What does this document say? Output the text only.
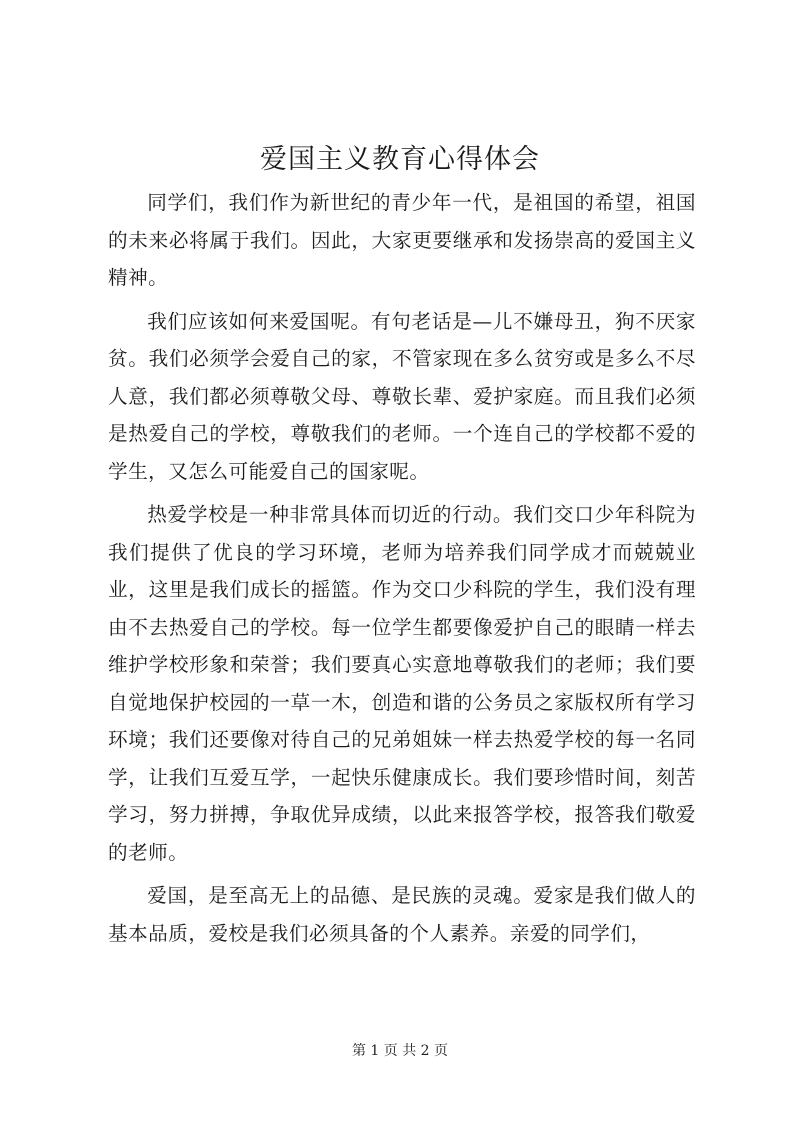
爱国主义教育心得体会

同学们，我们作为新世纪的青少年一代，是祖国的希望，祖国的未来必将属于我们。因此，大家更要继承和发扬崇高的爱国主义精神。

我们应该如何来爱国呢。有句老话是—儿不嫌母丑，狗不厌家贫。我们必须学会爱自己的家，不管家现在多么贫穷或是多么不尽人意，我们都必须尊敬父母、尊敬长辈、爱护家庭。而且我们必须是热爱自己的学校，尊敬我们的老师。一个连自己的学校都不爱的学生，又怎么可能爱自己的国家呢。

热爱学校是一种非常具体而切近的行动。我们交口少年科院为我们提供了优良的学习环境，老师为培养我们同学成才而兢兢业业，这里是我们成长的摇篮。作为交口少科院的学生，我们没有理由不去热爱自己的学校。每一位学生都要像爱护自己的眼睛一样去维护学校形象和荣誉；我们要真心实意地尊敬我们的老师；我们要自觉地保护校园的一草一木，创造和谐的公务员之家版权所有学习环境；我们还要像对待自己的兄弟姐妹一样去热爱学校的每一名同学，让我们互爱互学，一起快乐健康成长。我们要珍惜时间，刻苦学习，努力拼搏，争取优异成绩，以此来报答学校，报答我们敬爱的老师。

爱国，是至高无上的品德、是民族的灵魂。爱家是我们做人的基本品质，爱校是我们必须具备的个人素养。亲爱的同学们，

第 1 页 共 2 页
